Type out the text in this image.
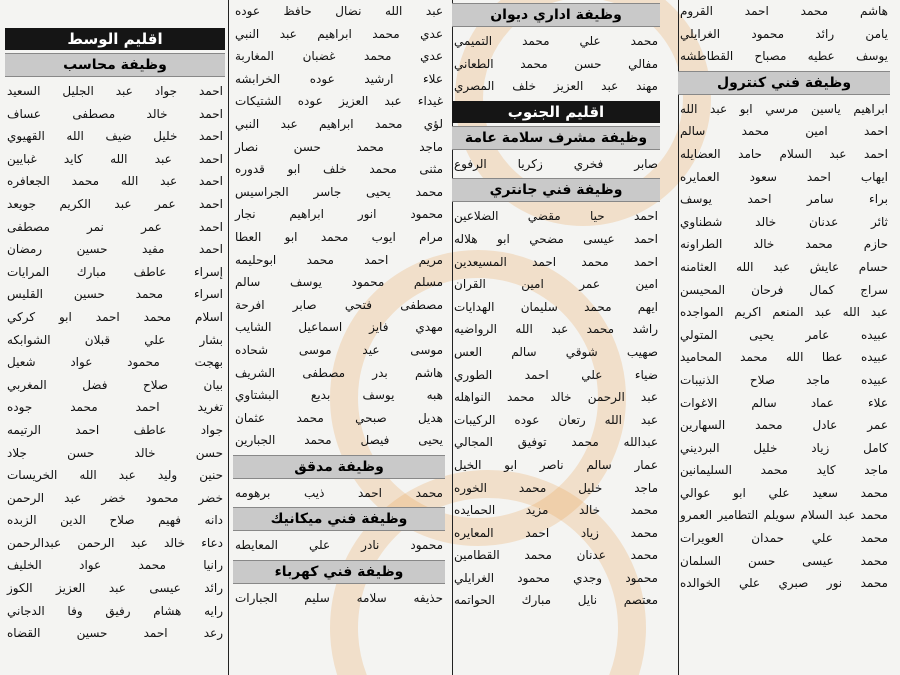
اقليم الوسط
وظيفة محاسب
احمد جواد عبد الجليل السعيد
احمد خالد مصطفى عساف
احمد خليل ضيف الله القهيوي
احمد عبد الله كايد غبايين
احمد عبد الله محمد الجعافره
احمد عمر عبد الكريم جويعد
احمد عمر نمر مصطفى
احمد مفيد حسين رمضان
إسراء عاطف مبارك المرايات
اسراء محمد حسين القليس
اسلام محمد احمد ابو كركي
بشار علي قبلان الشوابكه
بهجت محمود عواد شعيل
بيان صلاح فضل المغربي
تغريد احمد محمد جوده
جواد عاطف احمد الرتيمه
حسن خالد حسن جلاد
حنين وليد عبد الله الخريسات
خضر محمود خضر عبد الرحمن
دانه فهيم صلاح الدين الزبده
دعاء خالد عبد الرحمن عبدالرحمن
رانيا محمد عواد الخليف
رائد عيسى عبد العزيز الكوز
رايه هشام رفيق وفا الدجاني
رعد احمد حسين القضاه
عبد الله نضال حافظ عوده
عدي محمد ابراهيم عبد النبي
عدي محمد غضبان المغاربة
علاء ارشيد عوده الخرابشه
غيداء عبد العزيز عوده الشتيكات
لؤي محمد ابراهيم عبد النبي
ماجد محمد حسن نصار
مثنى محمد خلف ابو قدوره
محمد يحيى جاسر الجراسيس
محمود انور ابراهيم نجار
مرام ايوب محمد ابو العطا
مريم احمد محمد ابوحليمه
مسلم محمود يوسف سالم
مصطفى فتحي صابر افرحة
مهدي فايز اسماعيل الشايب
موسى عيد موسى شحاده
هاشم بدر مصطفى الشريف
هبه يوسف بديع البشتاوي
هديل صبحي محمد عثمان
يحيى فيصل محمد الجبارين
وظيفة مدقق
محمد احمد ذيب برهومه
وظيفة فني ميكانيك
محمود نادر علي المعايطه
وظيفة فني كهرباء
حذيفه سلامه سليم الجبارات
وظيفة اداري ديوان
محمد علي محمد التميمي
مفالي حسن محمد الطعاني
مهند عبد العزيز خلف المصري
اقليم الجنوب
وظيفة مشرف سلامة عامة
صابر فخري زكريا الرفوع
وظيفة فني جانتري
احمد حيا مقضي الضلاعين
احمد عيسى مضحي ابو هلاله
احمد محمد احمد المسيعدين
امين عمر امين القران
ايهم محمد سليمان الهدايات
راشد محمد عبد الله الرواضيه
صهيب شوقي سالم العس
ضياء علي احمد الطوري
عبد الرحمن خالد محمد النواهله
عبد الله رتعان عوده الركيبات
عبدالله محمد توفيق المجالي
عمار سالم ناصر ابو الخيل
ماجد خليل محمد الخوره
محمد خالد مزيد الحمايده
محمد زياد احمد المعايره
محمد عدنان محمد القطامين
محمود وجدي محمود الغرايلي
معتصم نايل مبارك الحواتمه
هاشم محمد احمد القروم
يامن رائد محمود الغرايلي
يوسف عطيه مصباح القطاطشه
وظيفة فني كنترول
ابراهيم ياسين مرسي ابو عبد الله
احمد امين محمد سالم
احمد عبد السلام حامد العضايله
ايهاب احمد سعود العمايره
براء سامر احمد يوسف
ثائر عدنان خالد شطناوي
حازم محمد خالد الطراونه
حسام عايش عبد الله العثامنه
سراج كمال فرحان المحيسن
عبد الله عبد المنعم اكريم المواجده
عبيده عامر يحيى المتولي
عبيده عطا الله محمد المحاميد
عبيده ماجد صلاح الذنيبات
علاء عماد سالم الاغوات
عمر عادل محمد السهارين
كامل زياد خليل البرديني
ماجد كايد محمد السليمانين
محمد سعيد علي ابو عوالي
محمد عبد السلام سويلم التطامير العمرو
محمد علي حمدان العويرات
محمد عيسى حسن السلمان
محمد نور صبري علي الخوالده
